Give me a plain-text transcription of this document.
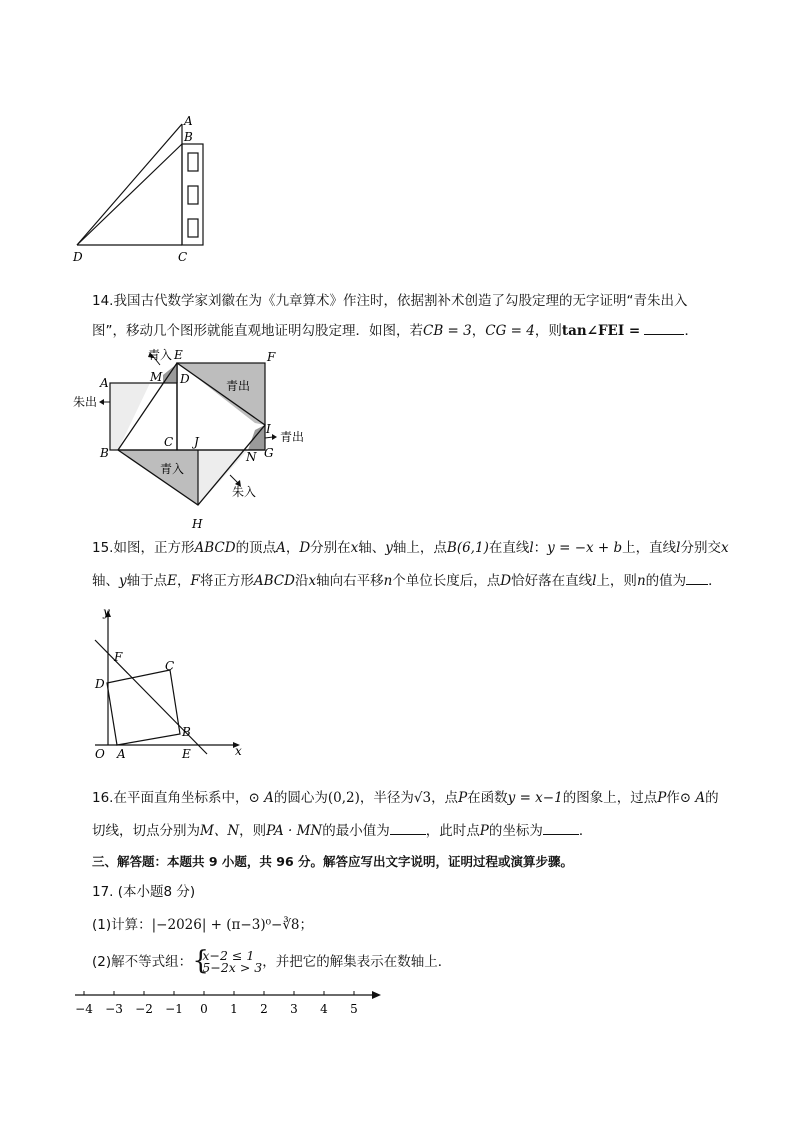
A
B
C
D
14.我国古代数学家刘徽在为《九章算术》作注时，依据割补术创造了勾股定理的无字证明“青朱出入
图”，移动几个图形就能直观地证明勾股定理．如图，若CB = 3，CG = 4，则tan∠FEI =	．
E	F
A	M D
C J
B
I
G
N
H
青入
青出
朱出
青出
青入
朱入
15.如图，正方形ABCD的顶点A，D分别在x轴、y轴上，点B(6,1)在直线l：y = −x + b上，直线l分别交x
轴、y轴于点E，F将正方形ABCD沿x轴向右平移n个单位长度后，点D恰好落在直线l上，则n的值为 ．
y
x
O A
B
C
D
E
F
16.在平面直角坐标系中，⊙ A的圆心为(0,2)，半径为√3，点P在函数y = x−1的图象上，过点P作⊙ A的
切线，切点分别为M、N，则PA · MN的最小值为	，此时点P的坐标为	．
三、解答题：本题共 9 小题，共 96 分。解答应写出文字说明，证明过程或演算步骤。
17. (本小题8 分)
(1)计算：|−2026| + (π−3)⁰−∛8；
(2)解不等式组： {
x−2 ≤ 1
5−2x > 3 ，并把它的解集表示在数轴上．
−4 −3 −2 −1 0 1 2 3 4 5
